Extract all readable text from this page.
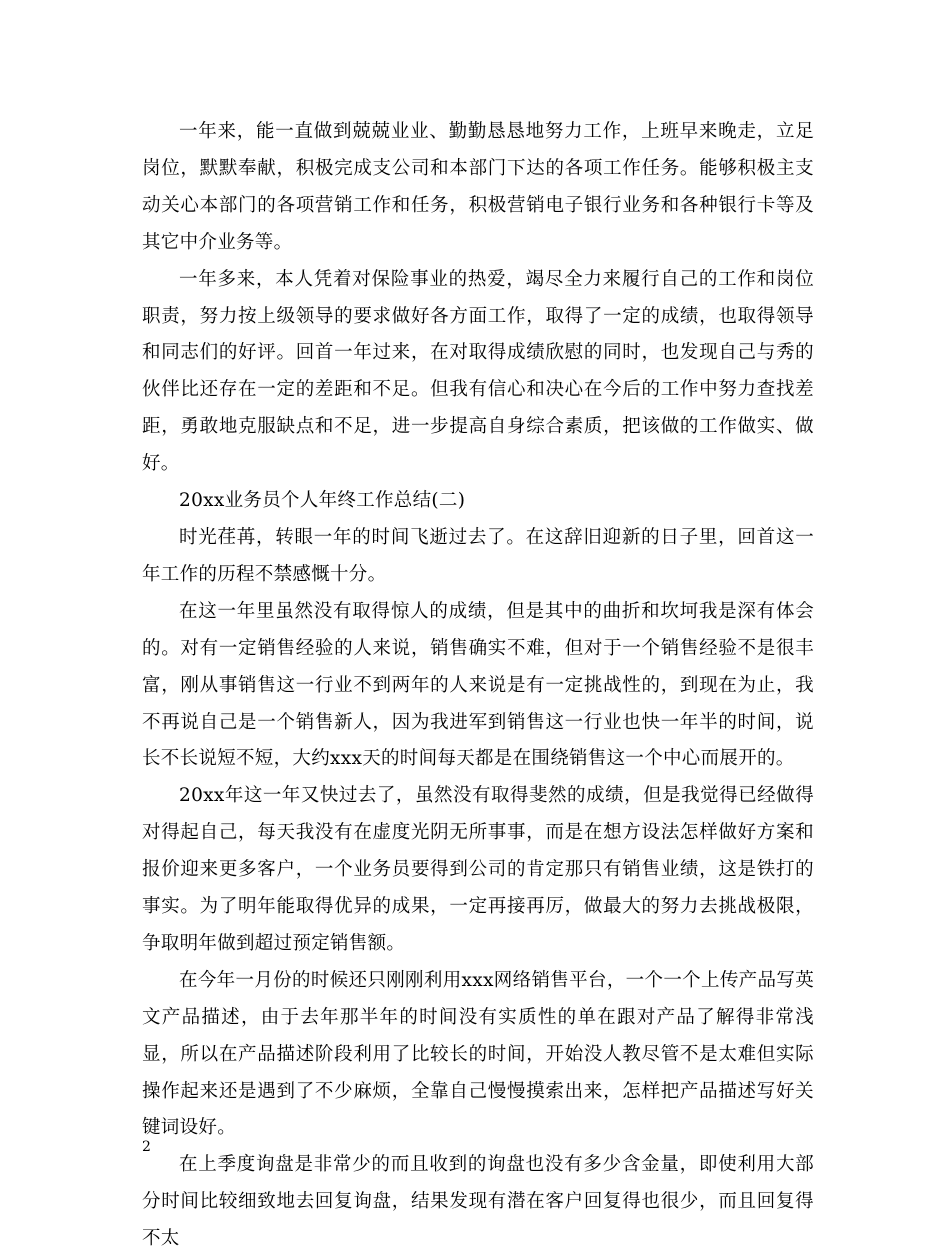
一年来，能一直做到兢兢业业、勤勤恳恳地努力工作，上班早来晚走，立足岗位，默默奉献，积极完成支公司和本部门下达的各项工作任务。能够积极主支动关心本部门的各项营销工作和任务，积极营销电子银行业务和各种银行卡等及其它中介业务等。

一年多来，本人凭着对保险事业的热爱，竭尽全力来履行自己的工作和岗位职责，努力按上级领导的要求做好各方面工作，取得了一定的成绩，也取得领导和同志们的好评。回首一年过来，在对取得成绩欣慰的同时，也发现自己与秀的伙伴比还存在一定的差距和不足。但我有信心和决心在今后的工作中努力查找差距，勇敢地克服缺点和不足，进一步提高自身综合素质，把该做的工作做实、做好。

20xx业务员个人年终工作总结(二)

时光荏苒，转眼一年的时间飞逝过去了。在这辞旧迎新的日子里，回首这一年工作的历程不禁感慨十分。

在这一年里虽然没有取得惊人的成绩，但是其中的曲折和坎坷我是深有体会的。对有一定销售经验的人来说，销售确实不难，但对于一个销售经验不是很丰富，刚从事销售这一行业不到两年的人来说是有一定挑战性的，到现在为止，我不再说自己是一个销售新人，因为我进军到销售这一行业也快一年半的时间，说长不长说短不短，大约xxx天的时间每天都是在围绕销售这一个中心而展开的。

20xx年这一年又快过去了，虽然没有取得斐然的成绩，但是我觉得已经做得对得起自己，每天我没有在虚度光阴无所事事，而是在想方设法怎样做好方案和报价迎来更多客户，一个业务员要得到公司的肯定那只有销售业绩，这是铁打的事实。为了明年能取得优异的成果，一定再接再厉，做最大的努力去挑战极限，争取明年做到超过预定销售额。

在今年一月份的时候还只刚刚利用xxx网络销售平台，一个一个上传产品写英文产品描述，由于去年那半年的时间没有实质性的单在跟对产品了解得非常浅显，所以在产品描述阶段利用了比较长的时间，开始没人教尽管不是太难但实际操作起来还是遇到了不少麻烦，全靠自己慢慢摸索出来，怎样把产品描述写好关键词设好。

在上季度询盘是非常少的而且收到的询盘也没有多少含金量，即使利用大部分时间比较细致地去回复询盘，结果发现有潜在客户回复得也很少，而且回复得不太

2
